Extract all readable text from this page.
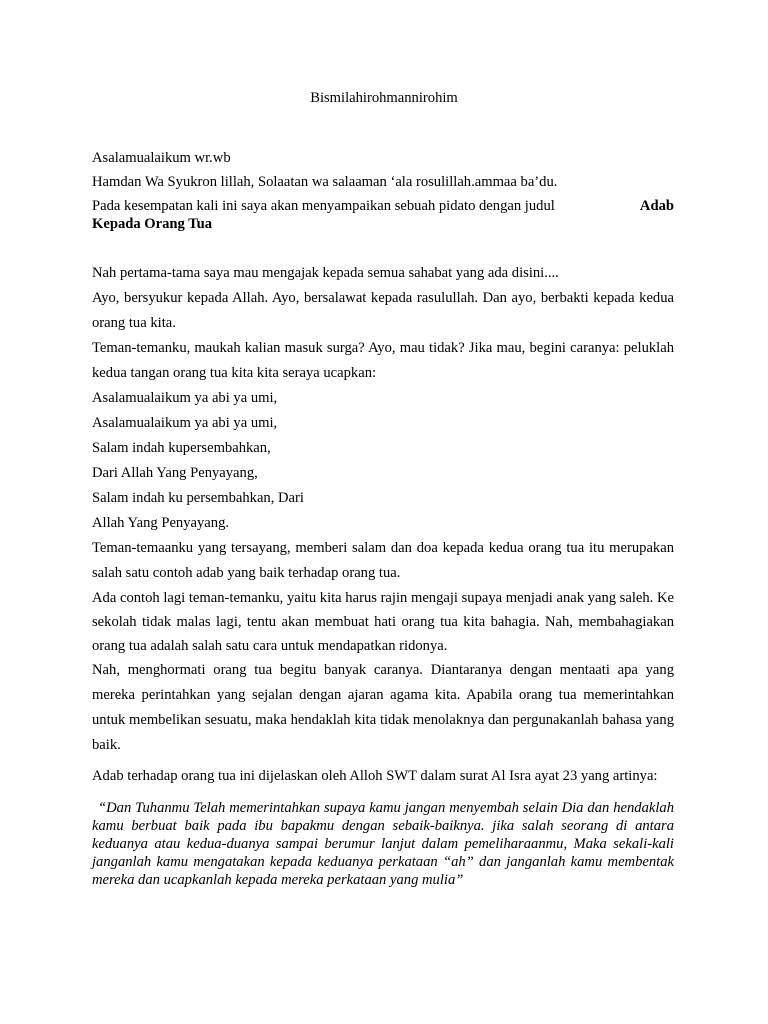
Bismilahirohmannirohim

Asalamualaikum wr.wb

Hamdan Wa Syukron lillah, Solaatan wa salaaman ‘ala rosulillah.ammaa ba’du.

Pada kesempatan kali ini saya akan menyampaikan sebuah pidato dengan judul	Adab
Kepada Orang Tua

Nah pertama-tama saya mau mengajak kepada semua sahabat yang ada disini....

Ayo, bersyukur kepada Allah. Ayo, bersalawat kepada rasulullah. Dan ayo, berbakti kepada kedua orang tua kita.

Teman-temanku, maukah kalian masuk surga? Ayo, mau tidak? Jika mau, begini caranya: peluklah kedua tangan orang tua kita kita seraya ucapkan:

Asalamualaikum ya abi ya umi,
Asalamualaikum ya abi ya umi,
Salam indah kupersembahkan,
Dari Allah Yang Penyayang,
Salam indah ku persembahkan, Dari
Allah Yang Penyayang.

Teman-temaanku yang tersayang, memberi salam dan doa kepada kedua orang tua itu merupakan salah satu contoh adab yang baik terhadap orang tua.

Ada contoh lagi teman-temanku, yaitu kita harus rajin mengaji supaya menjadi anak yang saleh. Ke sekolah tidak malas lagi, tentu akan membuat hati orang tua kita bahagia. Nah, membahagiakan orang tua adalah salah satu cara untuk mendapatkan ridonya.

Nah, menghormati orang tua begitu banyak caranya. Diantaranya dengan mentaati apa yang mereka perintahkan yang sejalan dengan ajaran agama kita. Apabila orang tua memerintahkan untuk membelikan sesuatu, maka hendaklah kita tidak menolaknya dan pergunakanlah bahasa yang baik.

Adab terhadap orang tua ini dijelaskan oleh Alloh SWT dalam surat Al Isra ayat 23 yang artinya:

“Dan Tuhanmu Telah memerintahkan supaya kamu jangan menyembah selain Dia dan hendaklah kamu berbuat baik pada ibu bapakmu dengan sebaik-baiknya. jika salah seorang di antara keduanya atau kedua-duanya sampai berumur lanjut dalam pemeliharaanmu, Maka sekali-kali janganlah kamu mengatakan kepada keduanya perkataan “ah” dan janganlah kamu membentak mereka dan ucapkanlah kepada mereka perkataan yang mulia”
